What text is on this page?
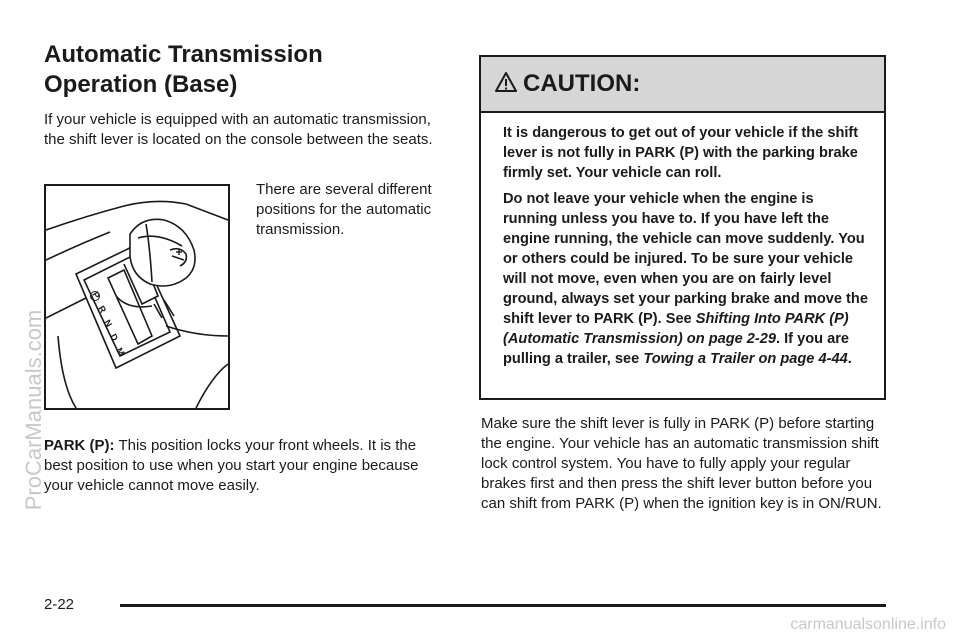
Automatic Transmission
Operation (Base)
If your vehicle is equipped with an automatic transmission, the shift lever is located on the console between the seats.
P
R
N
D
M
There are several different positions for the automatic transmission.
PARK (P): This position locks your front wheels. It is the best position to use when you start your engine because your vehicle cannot move easily.
CAUTION:

It is dangerous to get out of your vehicle if the shift lever is not fully in PARK (P) with the parking brake firmly set. Your vehicle can roll.

Do not leave your vehicle when the engine is running unless you have to. If you have left the engine running, the vehicle can move suddenly. You or others could be injured. To be sure your vehicle will not move, even when you are on fairly level ground, always set your parking brake and move the shift lever to PARK (P). See Shifting Into PARK (P) (Automatic Transmission) on page 2-29. If you are pulling a trailer, see Towing a Trailer on page 4-44.

Make sure the shift lever is fully in PARK (P) before starting the engine. Your vehicle has an automatic transmission shift lock control system. You have to fully apply your regular brakes first and then press the shift lever button before you can shift from PARK (P) when the ignition key is in ON/RUN.
2-22
ProCarManuals.com
carmanualsonline.info
